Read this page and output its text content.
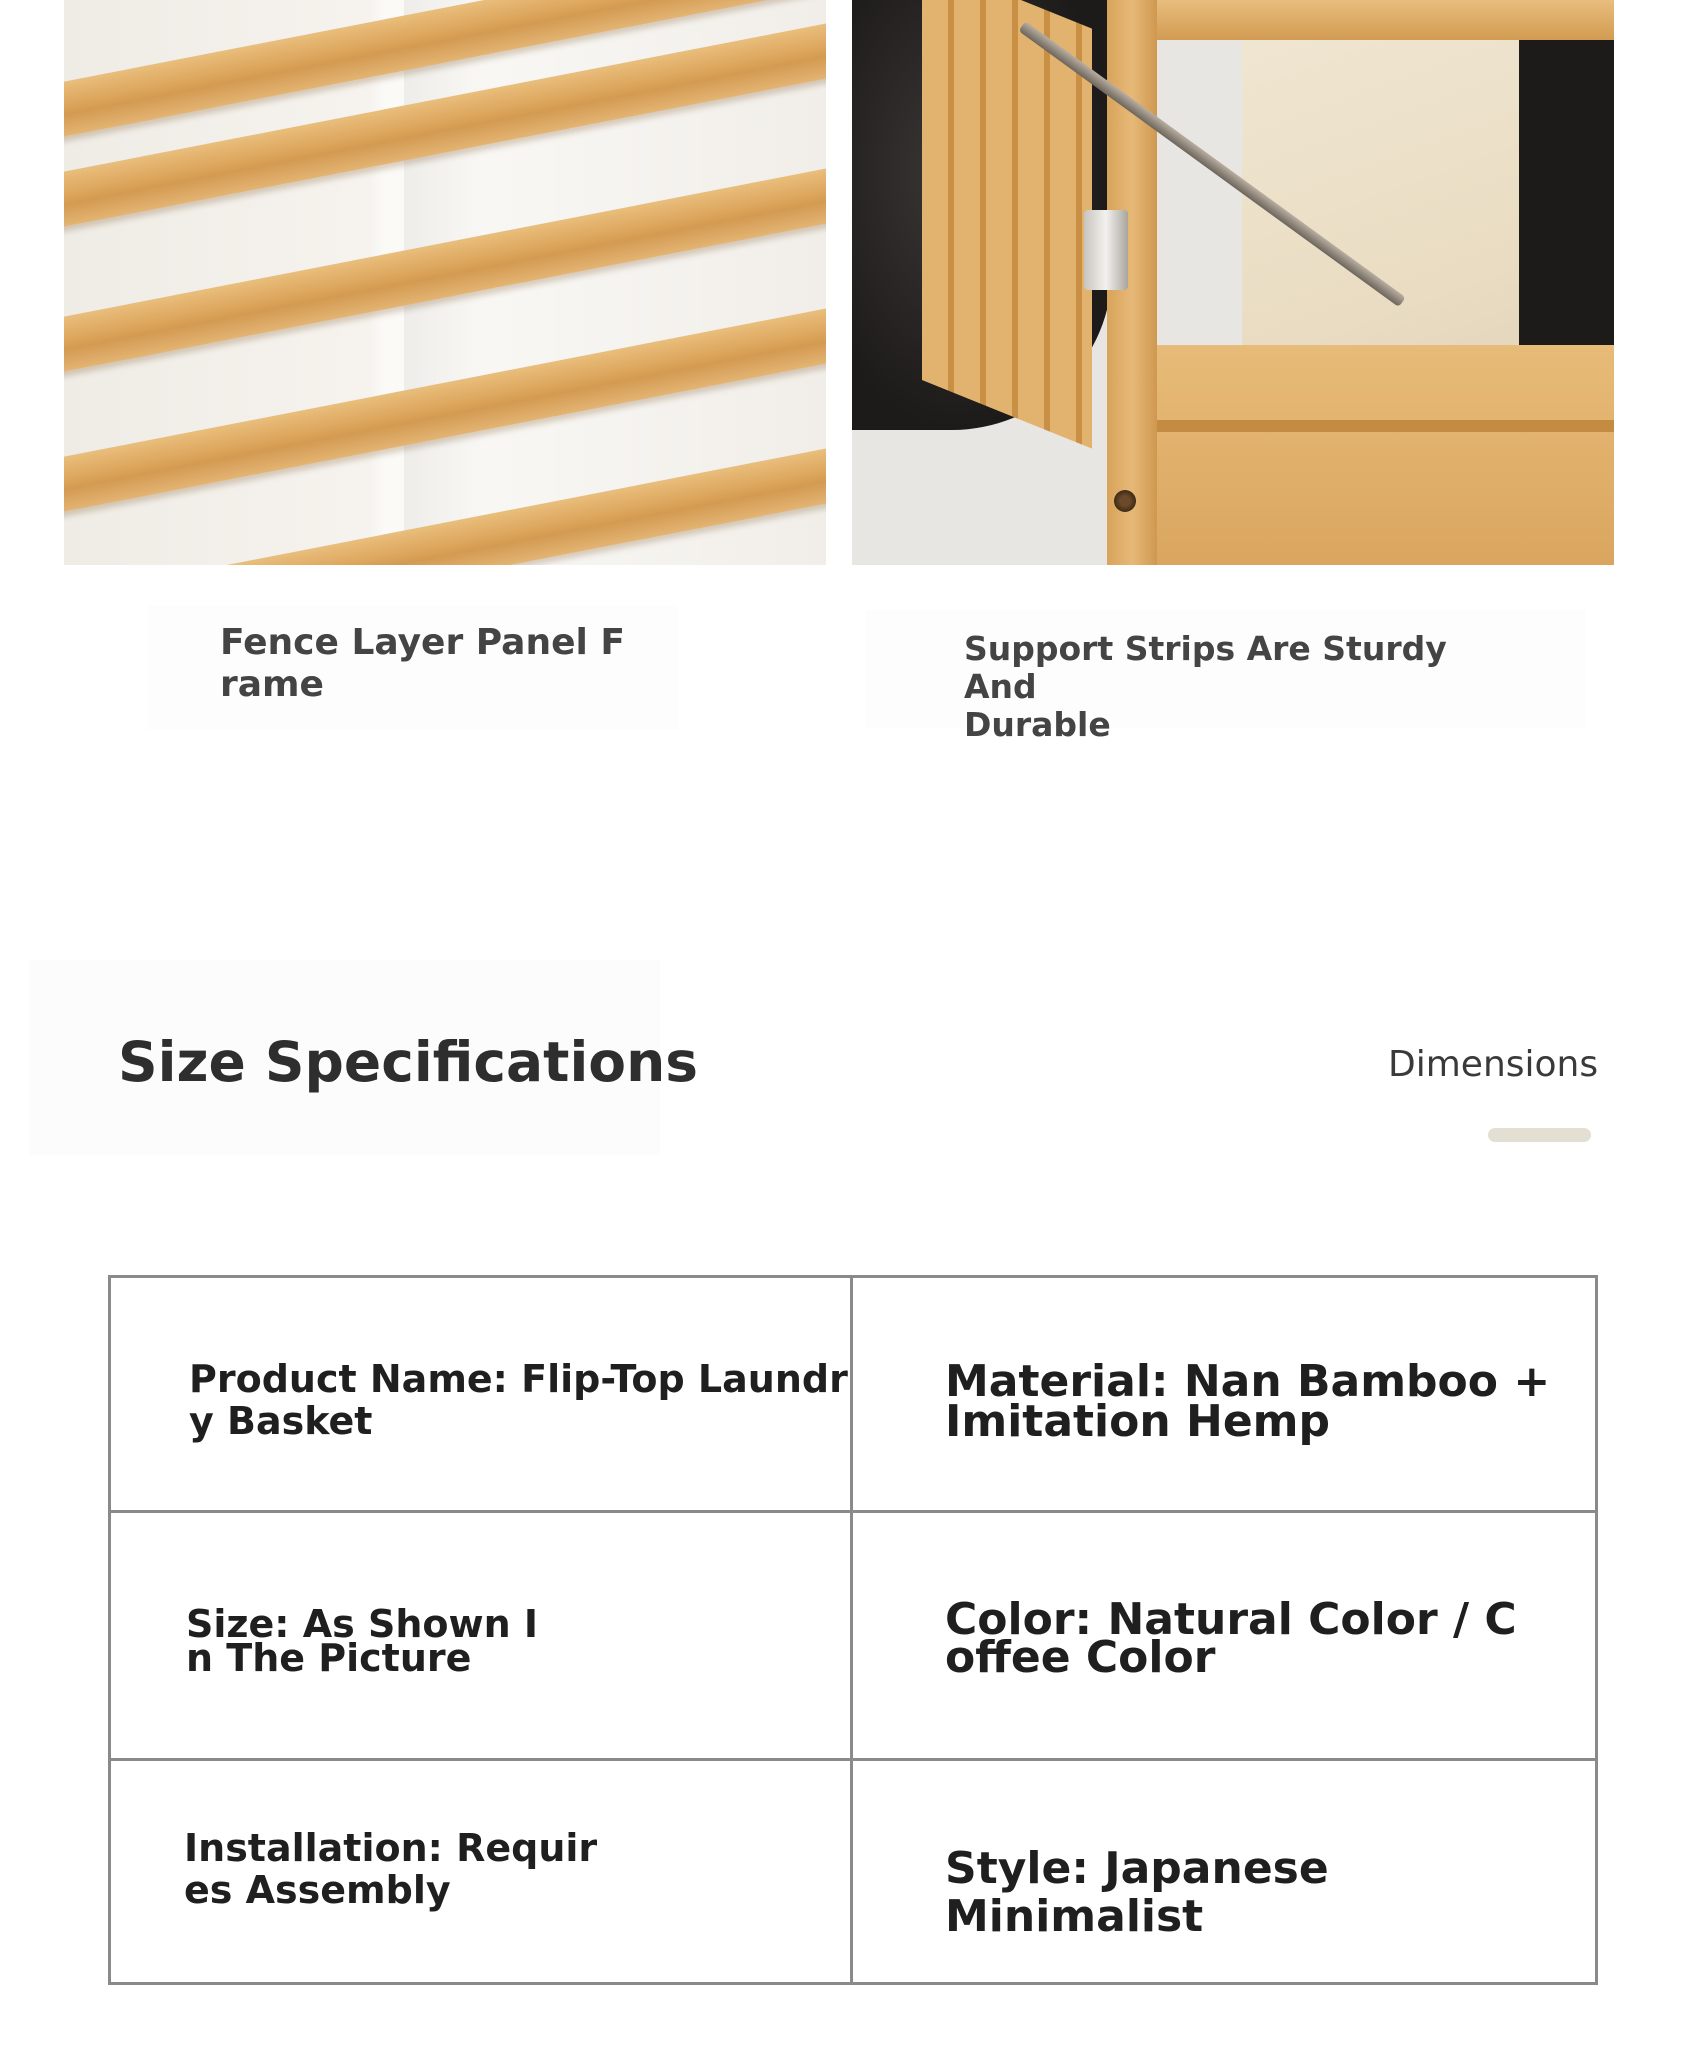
Fence Layer Panel F
rame
Support Strips Are Sturdy And
Durable
Size Specifications	Dimensions
Product Name: Flip-Top Laundr
y Basket
Material: Nan Bamboo +
Imitation Hemp
Size: As Shown I
n The Picture
Color: Natural Color / C
offee Color
Installation: Requir
es Assembly	Style: Japanese Minimalist
